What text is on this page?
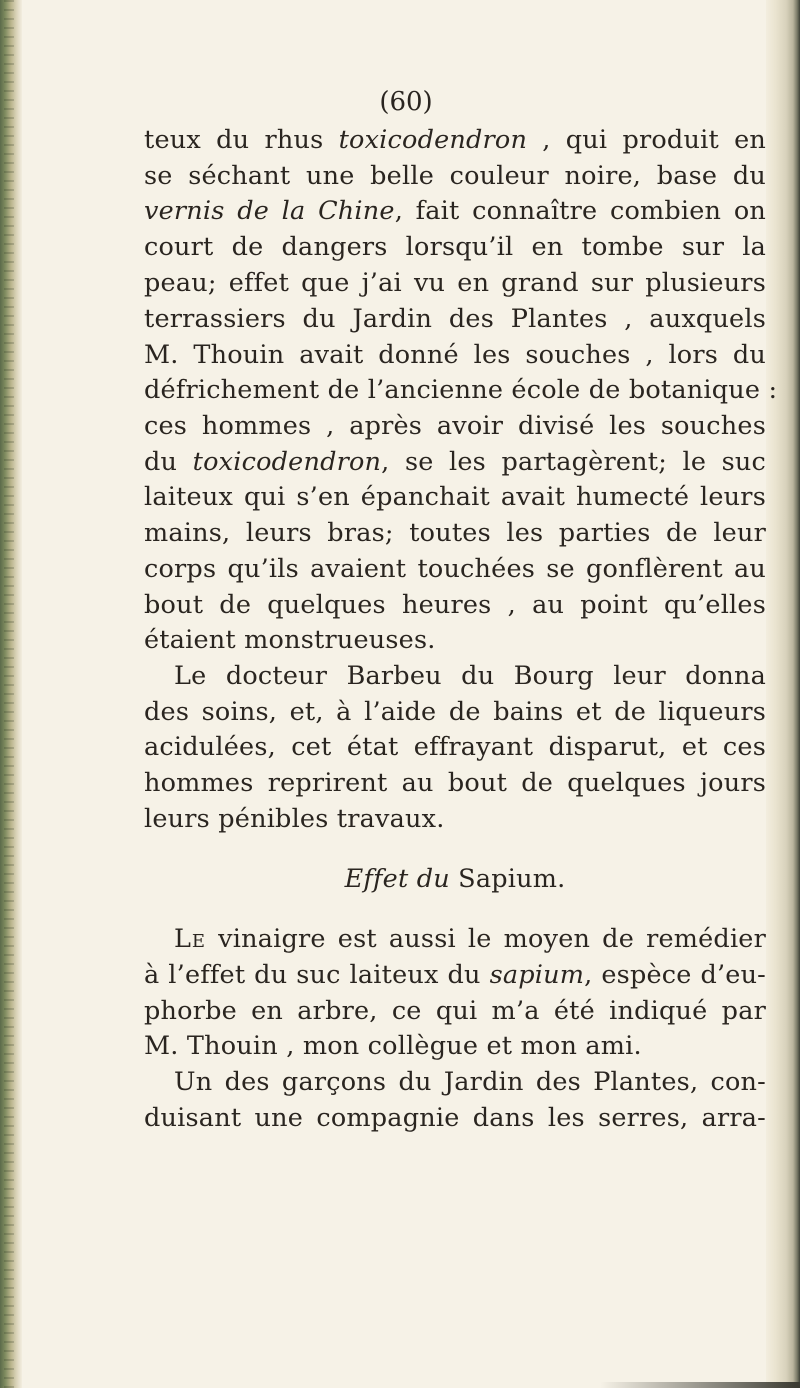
(60)
teux du rhus toxicodendron , qui produit en
se séchant une belle couleur noire, base du
vernis de la Chine, fait connaître combien on
court de dangers lorsqu’il en tombe sur la
peau; effet que j’ai vu en grand sur plusieurs
terrassiers du Jardin des Plantes , auxquels
M. Thouin avait donné les souches , lors du
défrichement de l’ancienne école de botanique :
ces hommes , après avoir divisé les souches
du toxicodendron, se les partagèrent; le suc
laiteux qui s’en épanchait avait humecté leurs
mains, leurs bras; toutes les parties de leur
corps qu’ils avaient touchées se gonflèrent au
bout de quelques heures , au point qu’elles
étaient monstrueuses.
Le docteur Barbeu du Bourg leur donna
des soins, et, à l’aide de bains et de liqueurs
acidulées, cet état effrayant disparut, et ces
hommes reprirent au bout de quelques jours
leurs pénibles travaux.
Effet du Sapium.
Le vinaigre est aussi le moyen de remédier
à l’effet du suc laiteux du sapium, espèce d’eu-
phorbe en arbre, ce qui m’a été indiqué par
M. Thouin , mon collègue et mon ami.
Un des garçons du Jardin des Plantes, con-
duisant une compagnie dans les serres, arra-
